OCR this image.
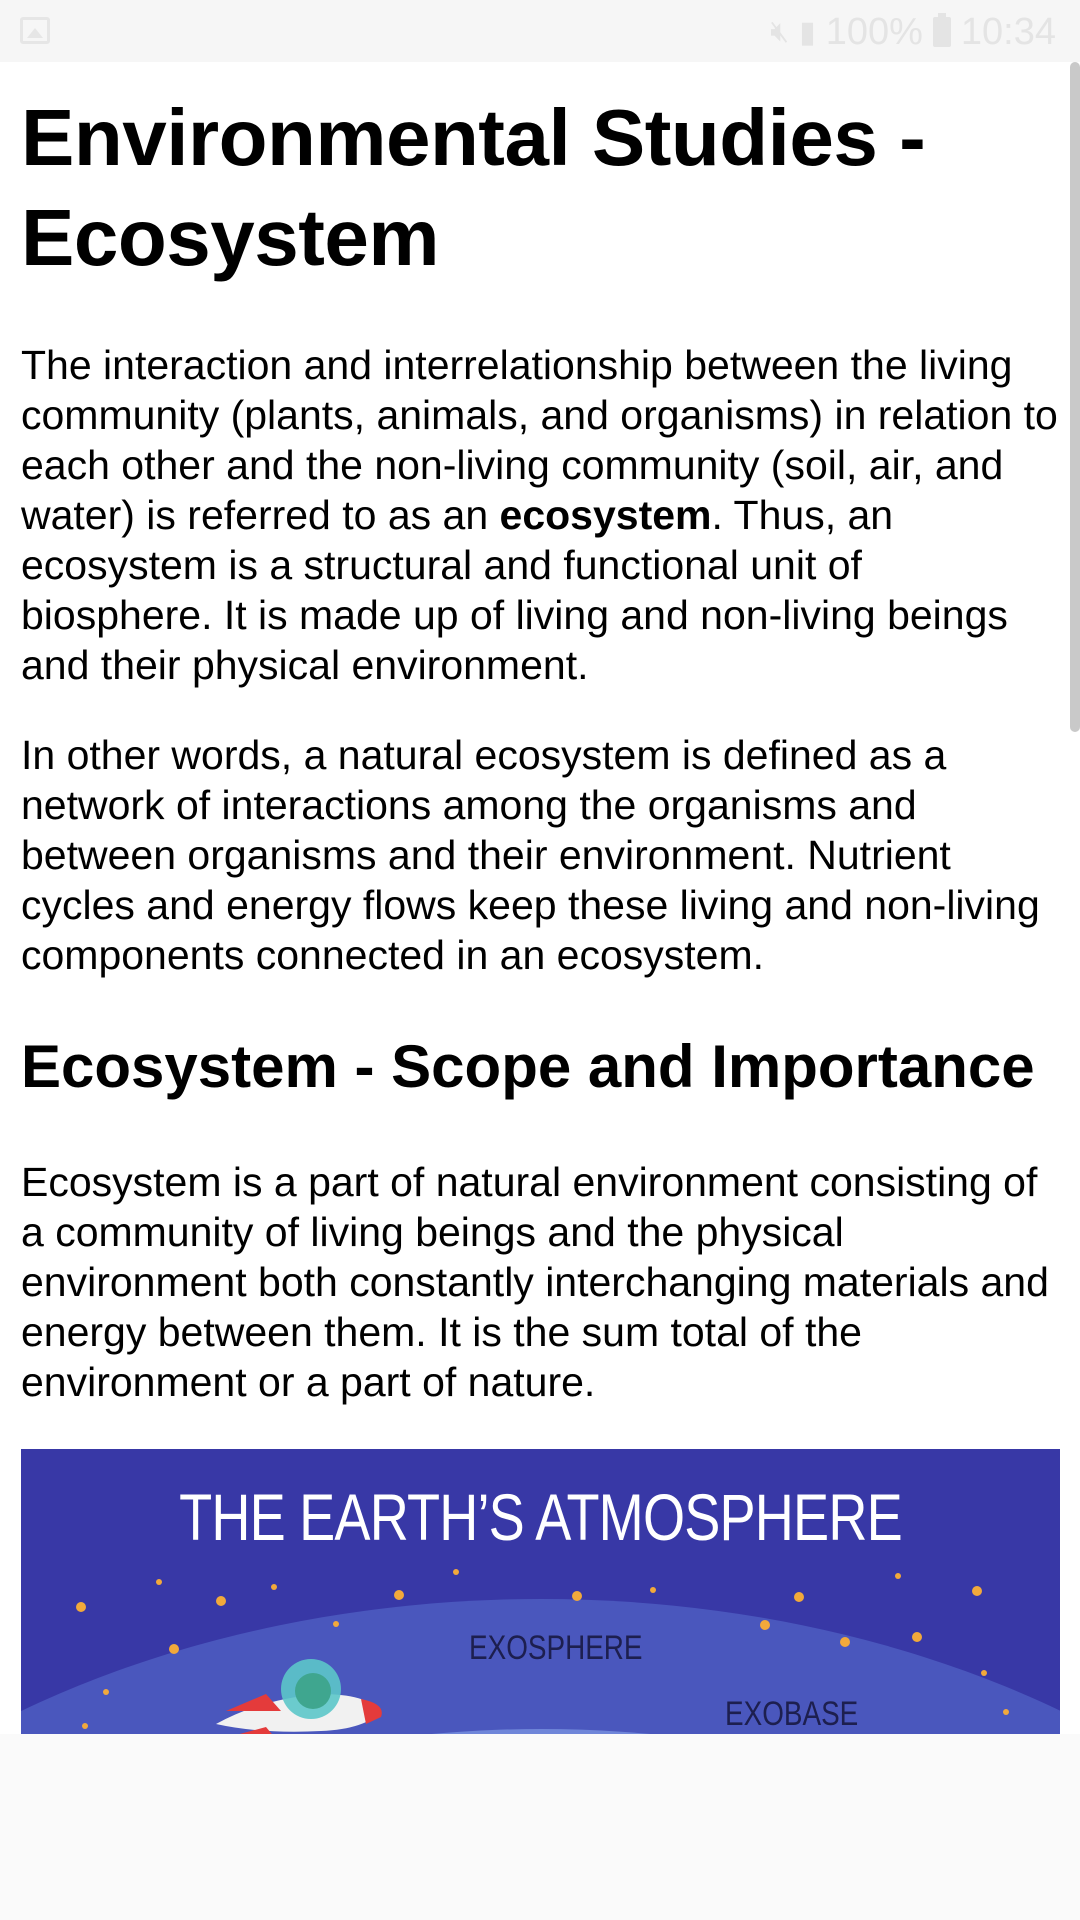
🔇︎ ▮ 100% 10:34
Environmental Studies - Ecosystem

The interaction and interrelationship between the living community (plants, animals, and organisms) in relation to each other and the non-living community (soil, air, and water) is referred to as an ecosystem. Thus, an ecosystem is a structural and functional unit of biosphere. It is made up of living and non-living beings and their physical environment.

In other words, a natural ecosystem is defined as a network of interactions among the organisms and between organisms and their environment. Nutrient cycles and energy flows keep these living and non-living components connected in an ecosystem.

Ecosystem - Scope and Importance

Ecosystem is a part of natural environment consisting of a community of living beings and the physical environment both constantly interchanging materials and energy between them. It is the sum total of the environment or a part of nature.

THE EARTH’S ATMOSPHERE
EXOSPHERE
EXOBASE
